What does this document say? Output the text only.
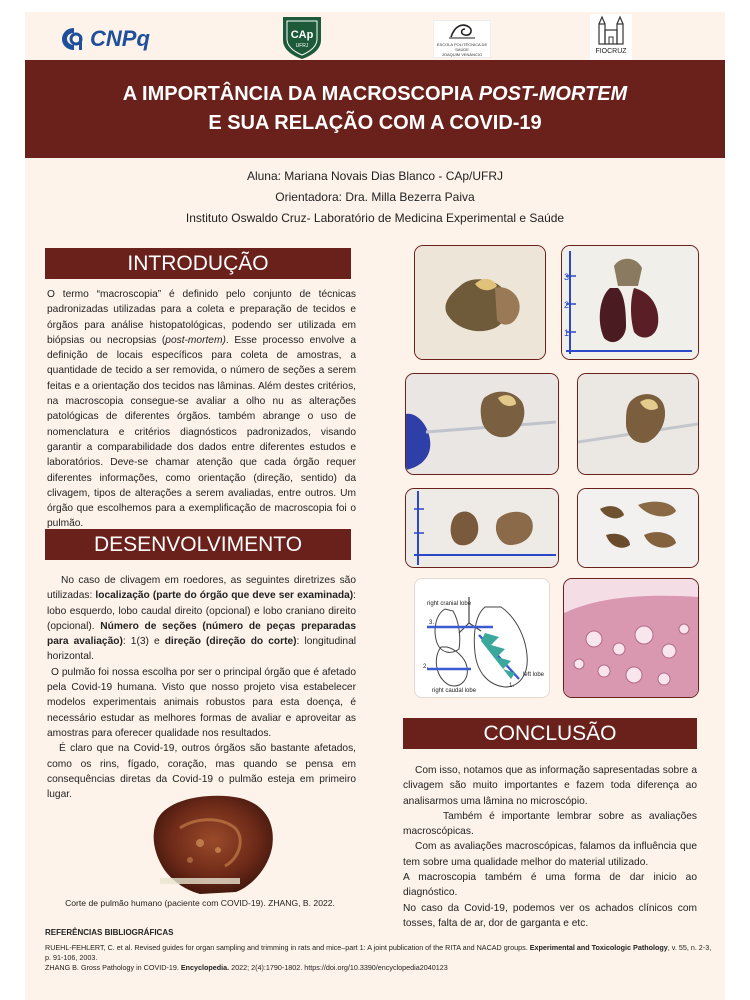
CNPq	CAp
UFRJ	ESCOLA POLITÉCNICA DE SAÚDE
JOAQUIM VENÂNCIO	FIOCRUZ
A IMPORTÂNCIA DA MACROSCOPIA POST-MORTEM
E SUA RELAÇÃO COM A COVID-19
Aluna: Mariana Novais Dias Blanco - CAp/UFRJ
Orientadora: Dra. Milla Bezerra Paiva
Instituto Oswaldo Cruz- Laboratório de Medicina Experimental e Saúde
INTRODUÇÃO
O termo “macroscopia” é definido pelo conjunto de técnicas padronizadas utilizadas para a coleta e preparação de tecidos e órgãos para análise histopatológicas, podendo ser utilizada em biópsias ou necropsias (post-mortem). Esse processo envolve a definição de locais específicos para coleta de amostras, a quantidade de tecido a ser removida, o número de seções a serem feitas e a orientação dos tecidos nas lâminas. Além destes critérios, na macroscopia consegue-se avaliar a olho nu as alterações patológicas de diferentes órgãos. também abrange o uso de nomenclatura e critérios diagnósticos padronizados, visando garantir a comparabilidade dos dados entre diferentes estudos e laboratórios. Deve-se chamar atenção que cada órgão requer diferentes informações, como orientação (direção, sentido) da clivagem, tipos de alterações a serem avaliadas, entre outros. Um órgão que escolhemos para a exemplificação de macroscopia foi o pulmão.
DESENVOLVIMENTO
No caso de clivagem em roedores, as seguintes diretrizes são utilizadas: localização (parte do órgão que deve ser examinada): lobo esquerdo, lobo caudal direito (opcional) e lobo craniano direito (opcional). Número de seções (número de peças preparadas para avaliação): 1(3) e direção (direção do corte): longitudinal horizontal.
O pulmão foi nossa escolha por ser o principal órgão que é afetado pela Covid-19 humana. Visto que nosso projeto visa estabelecer modelos experimentais animais robustos para esta doença, é necessário estudar as melhores formas de avaliar e aproveitar as amostras para oferecer qualidade nos resultados.
É claro que na Covid-19, outros órgãos são bastante afetados, como os rins, fígado, coração, mas quando se pensa em consequências diretas da Covid-19 o pulmão esteja em primeiro lugar.
Corte de pulmão humano (paciente com COVID-19). ZHANG, B. 2022.
3
2
1
right cranial lobe
right caudal lobe
left lobe
3.
2.
1.
CONCLUSÃO
Com isso, notamos que as informação sapresentadas sobre a clivagem são muito importantes e fazem toda diferença ao analisarmos uma lâmina no microscópio.
Também é importante lembrar sobre as avaliações macroscópicas.
Com as avaliações macroscópicas, falamos da influência que tem sobre uma qualidade melhor do material utilizado.
A macroscopia também é uma forma de dar inicio ao diagnóstico.
No caso da Covid-19, podemos ver os achados clínicos com tosses, falta de ar, dor de garganta e etc.
REFERÊNCIAS BIBLIOGRÁFICAS
RUEHL-FEHLERT, C. et al. Revised guides for organ sampling and trimming in rats and mice–part 1: A joint publication of the RITA and NACAD groups. Experimental and Toxicologic Pathology, v. 55, n. 2-3, p. 91-106, 2003.
ZHANG B. Gross Pathology in COVID-19. Encyclopedia. 2022; 2(4):1790-1802. https://doi.org/10.3390/encyclopedia2040123
